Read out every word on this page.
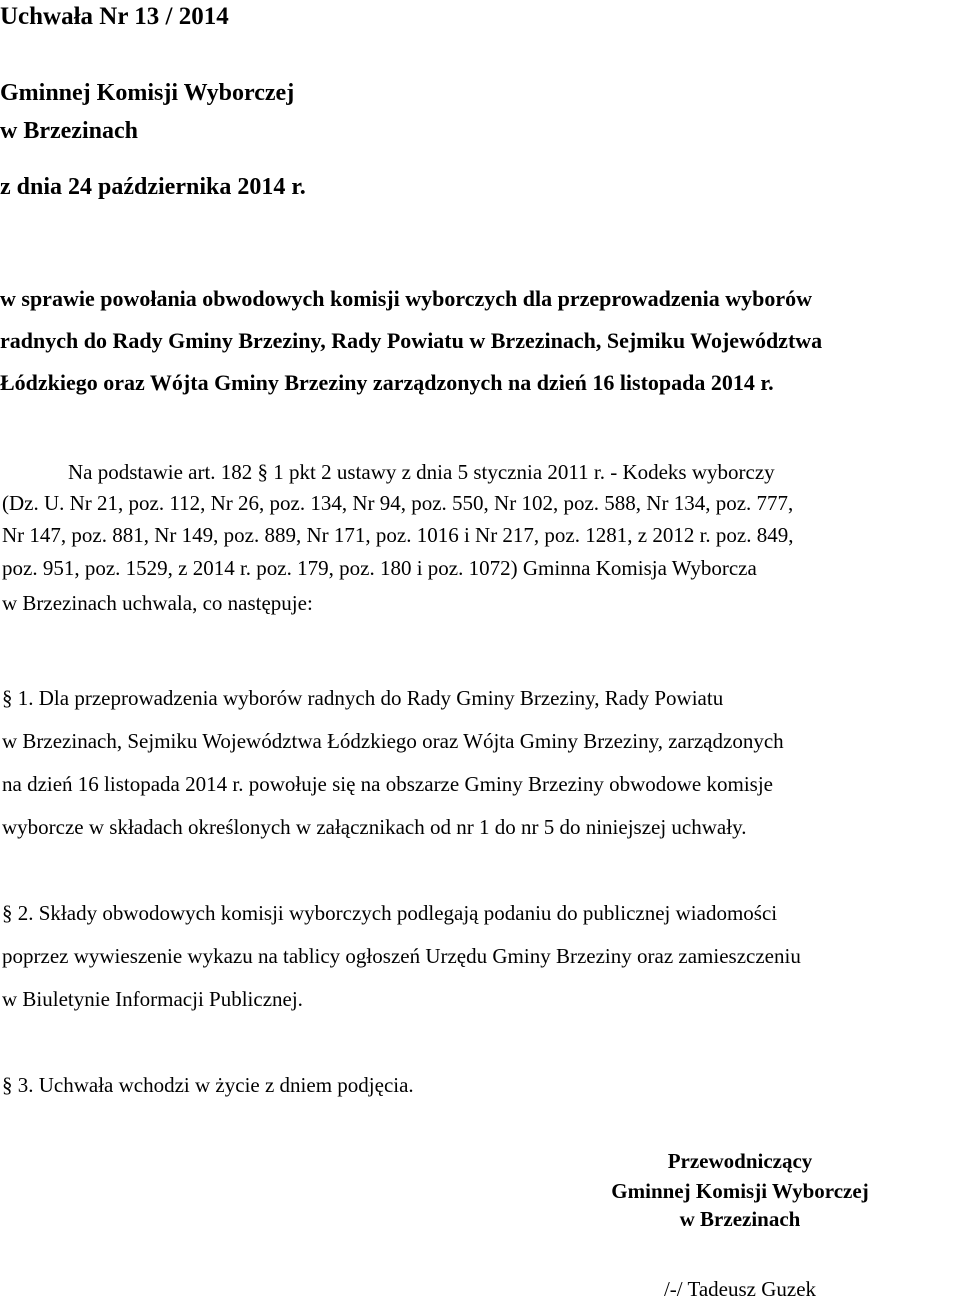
Uchwała Nr 13 / 2014
Gminnej Komisji Wyborczej
w Brzezinach
z dnia 24 października 2014 r.
w sprawie powołania obwodowych komisji wyborczych dla przeprowadzenia wyborów
radnych do Rady Gminy Brzeziny, Rady Powiatu w Brzezinach, Sejmiku Województwa
Łódzkiego oraz Wójta Gminy Brzeziny zarządzonych na dzień 16 listopada 2014 r.
Na podstawie art. 182 § 1 pkt 2 ustawy z dnia 5 stycznia 2011 r. - Kodeks wyborczy
(Dz. U. Nr 21, poz. 112, Nr 26, poz. 134, Nr 94, poz. 550, Nr 102, poz. 588, Nr 134, poz. 777,
Nr 147, poz. 881, Nr 149, poz. 889, Nr 171, poz. 1016 i Nr 217, poz. 1281, z 2012 r. poz. 849,
poz. 951, poz. 1529, z 2014 r. poz. 179, poz. 180 i poz. 1072) Gminna Komisja Wyborcza
w Brzezinach uchwala, co następuje:
§ 1. Dla przeprowadzenia wyborów radnych do Rady Gminy Brzeziny, Rady Powiatu
w Brzezinach, Sejmiku Województwa Łódzkiego oraz Wójta Gminy Brzeziny, zarządzonych
na dzień 16 listopada 2014 r. powołuje się na obszarze Gminy Brzeziny obwodowe komisje
wyborcze w składach określonych w załącznikach od nr 1 do nr 5 do niniejszej uchwały.
§ 2. Składy obwodowych komisji wyborczych podlegają podaniu do publicznej wiadomości
poprzez wywieszenie wykazu na tablicy ogłoszeń Urzędu Gminy Brzeziny oraz zamieszczeniu
w Biuletynie Informacji Publicznej.
§ 3. Uchwała wchodzi w życie z dniem podjęcia.
Przewodniczący
Gminnej Komisji Wyborczej
w Brzezinach
/-/ Tadeusz Guzek
